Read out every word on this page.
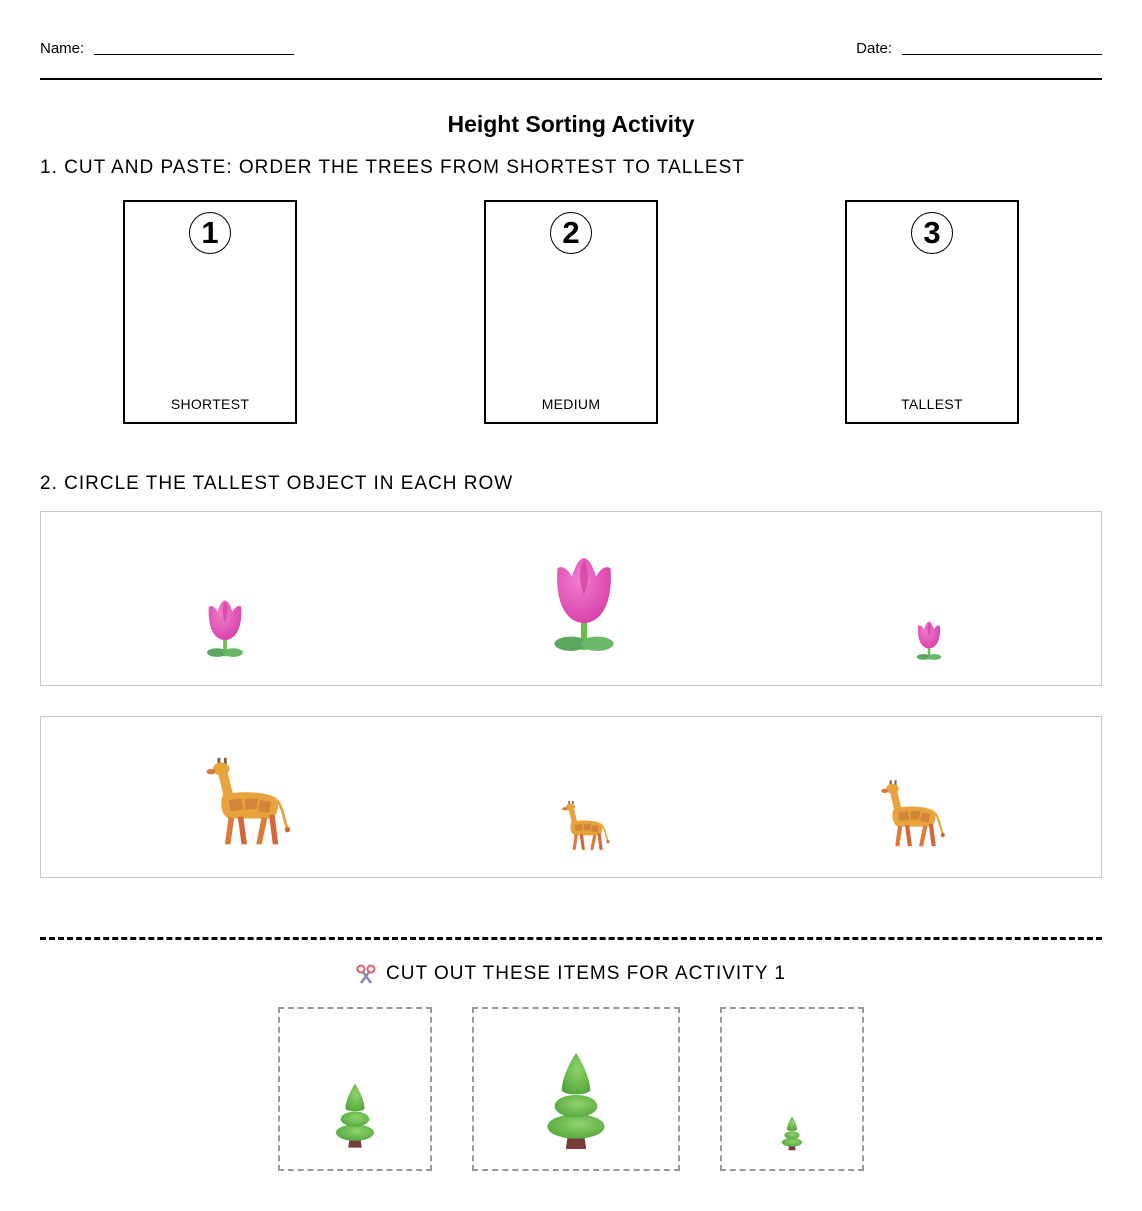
Name:	Date:
Height Sorting Activity
1. CUT AND PASTE: ORDER THE TREES FROM SHORTEST TO TALLEST
1
SHORTEST
2
MEDIUM
3
TALLEST
2. CIRCLE THE TALLEST OBJECT IN EACH ROW
CUT OUT THESE ITEMS FOR ACTIVITY 1
